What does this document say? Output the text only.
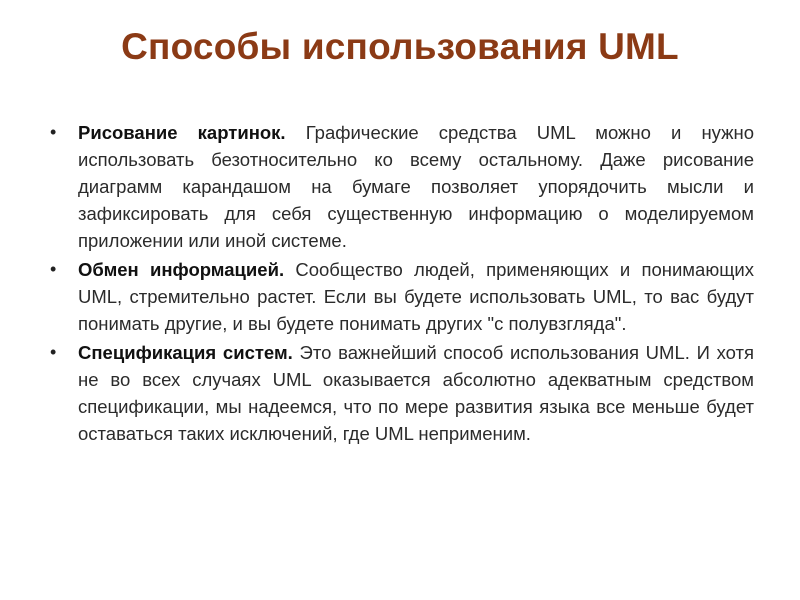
Способы использования UML
• Рисование картинок. Графические средства UML можно и нужно использовать безотносительно ко всему остальному. Даже рисование диаграмм карандашом на бумаге позволяет упорядочить мысли и зафиксировать для себя существенную информацию о моделируемом приложении или иной системе.
• Обмен информацией. Сообщество людей, применяющих и понимающих UML, стремительно растет. Если вы будете использовать UML, то вас будут понимать другие, и вы будете понимать других "с полувзгляда".
• Спецификация систем. Это важнейший способ использования UML. И хотя не во всех случаях UML оказывается абсолютно адекватным средством спецификации, мы надеемся, что по мере развития языка все меньше будет оставаться таких исключений, где UML неприменим.
